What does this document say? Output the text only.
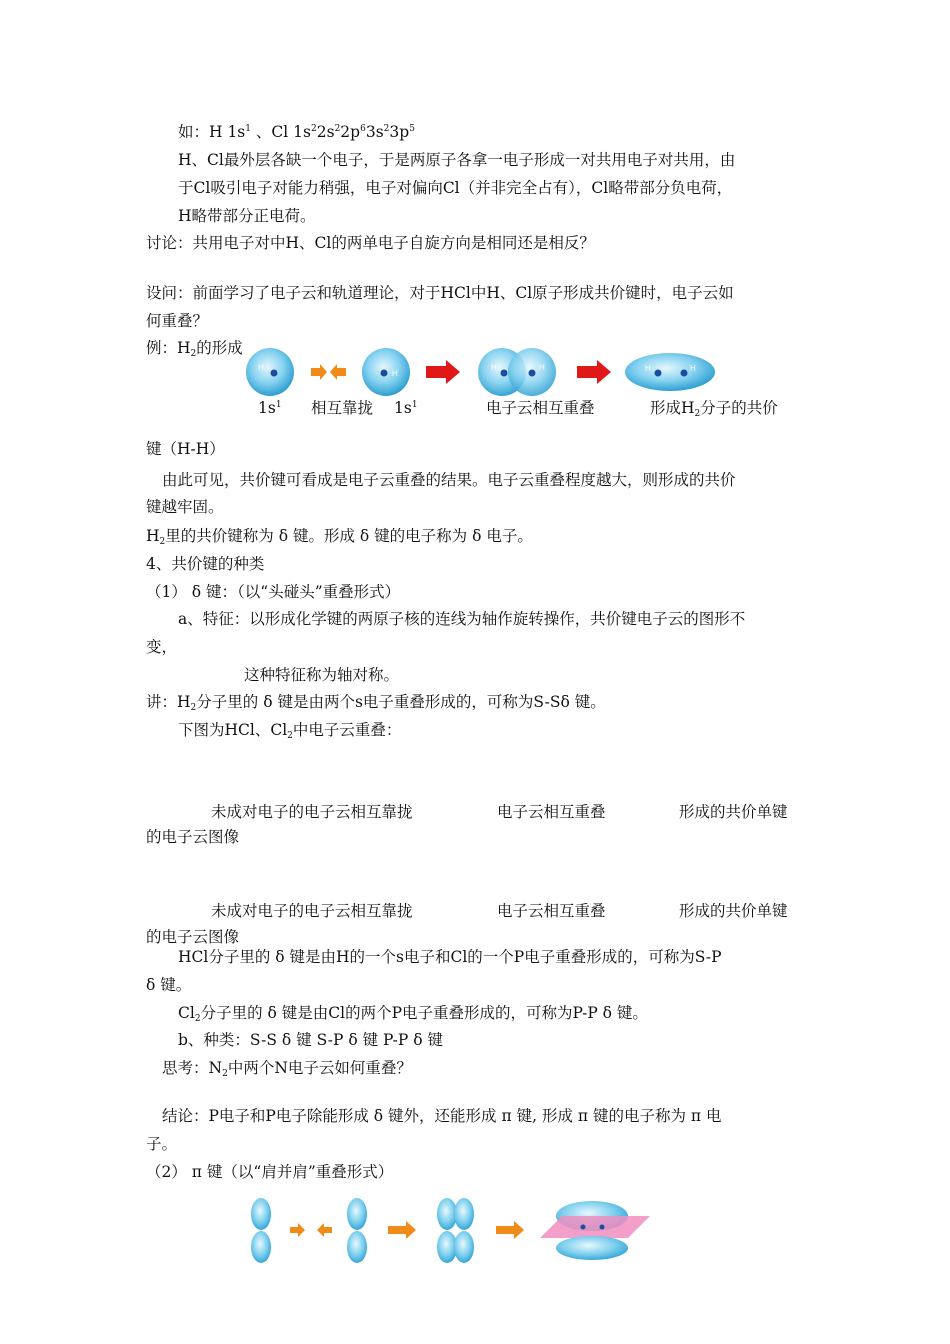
如：H $1s^1$ 、Cl $1s^22s^22p^63s^23p^5$
H、Cl最外层各缺一个电子，于是两原子各拿一电子形成一对共用电子对共用，由
于Cl吸引电子对能力稍强，电子对偏向Cl（并非完全占有），Cl略带部分负电荷，
H略带部分正电荷。
讨论：共用电子对中H、Cl的两单电子自旋方向是相同还是相反？
设问：前面学习了电子云和轨道理论，对于HCl中H、Cl原子形成共价键时，电子云如
何重叠？
例：$H_2$的形成
H
H
H	H	H	H
$1s^1$ 相互靠拢 $1s^1$	电子云相互重叠	形成$H_2$分子的共价
键（H-H）
由此可见，共价键可看成是电子云重叠的结果。电子云重叠程度越大，则形成的共价
键越牢固。
$H_2$里的共价键称为 δ 键。形成 δ 键的电子称为 δ 电子。
4、共价键的种类
（1） δ 键：（以“头碰头”重叠形式）
a、特征：以形成化学键的两原子核的连线为轴作旋转操作，共价键电子云的图形不
变，
这种特征称为轴对称。
讲：$H_2$分子里的 δ 键是由两个s电子重叠形成的，可称为S-Sδ 键。
下图为HCl、$Cl_2$中电子云重叠：
未成对电子的电子云相互靠拢	电子云相互重叠	形成的共价单键
的电子云图像
未成对电子的电子云相互靠拢	电子云相互重叠	形成的共价单键
的电子云图像
HCl分子里的 δ 键是由H的一个s电子和Cl的一个P电子重叠形成的，可称为S-P
δ 键。
$Cl_2$分子里的 δ 键是由Cl的两个P电子重叠形成的，可称为P-P δ 键。
b、种类：S-S δ 键 S-P δ 键 P-P δ 键
思考：$N_2$中两个N电子云如何重叠？
结论：P电子和P电子除能形成 δ 键外，还能形成 π 键, 形成 π 键的电子称为 π 电
子。
（2） π 键（以“肩并肩”重叠形式）
